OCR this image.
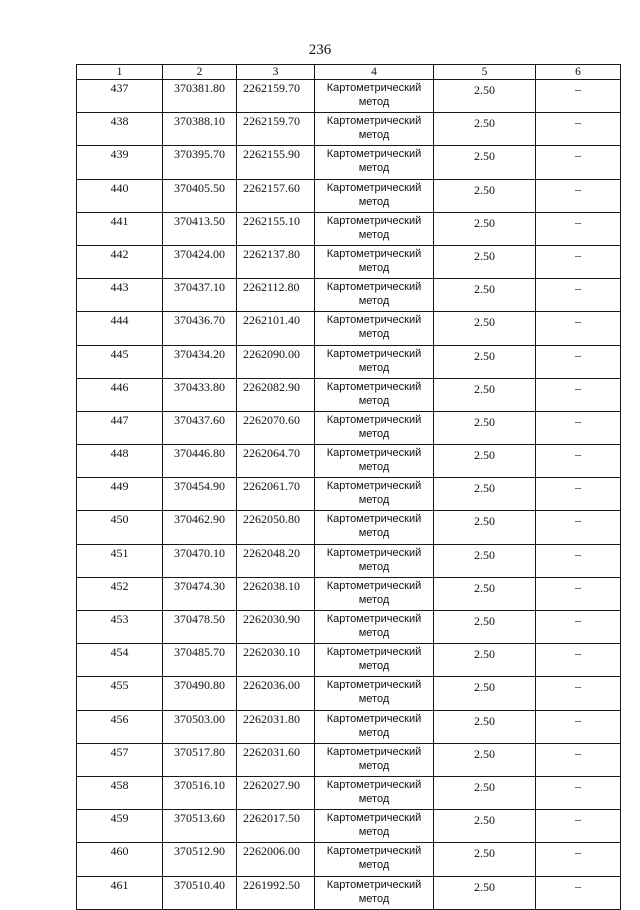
236
1	2	3	4	5	6
437	370381.80	2262159.70	Картометрический метод	2.50	–
438	370388.10	2262159.70	Картометрический метод	2.50	–
439	370395.70	2262155.90	Картометрический метод	2.50	–
440	370405.50	2262157.60	Картометрический метод	2.50	–
441	370413.50	2262155.10	Картометрический метод	2.50	–
442	370424.00	2262137.80	Картометрический метод	2.50	–
443	370437.10	2262112.80	Картометрический метод	2.50	–
444	370436.70	2262101.40	Картометрический метод	2.50	–
445	370434.20	2262090.00	Картометрический метод	2.50	–
446	370433.80	2262082.90	Картометрический метод	2.50	–
447	370437.60	2262070.60	Картометрический метод	2.50	–
448	370446.80	2262064.70	Картометрический метод	2.50	–
449	370454.90	2262061.70	Картометрический метод	2.50	–
450	370462.90	2262050.80	Картометрический метод	2.50	–
451	370470.10	2262048.20	Картометрический метод	2.50	–
452	370474.30	2262038.10	Картометрический метод	2.50	–
453	370478.50	2262030.90	Картометрический метод	2.50	–
454	370485.70	2262030.10	Картометрический метод	2.50	–
455	370490.80	2262036.00	Картометрический метод	2.50	–
456	370503.00	2262031.80	Картометрический метод	2.50	–
457	370517.80	2262031.60	Картометрический метод	2.50	–
458	370516.10	2262027.90	Картометрический метод	2.50	–
459	370513.60	2262017.50	Картометрический метод	2.50	–
460	370512.90	2262006.00	Картометрический метод	2.50	–
461	370510.40	2261992.50	Картометрический метод	2.50	–
